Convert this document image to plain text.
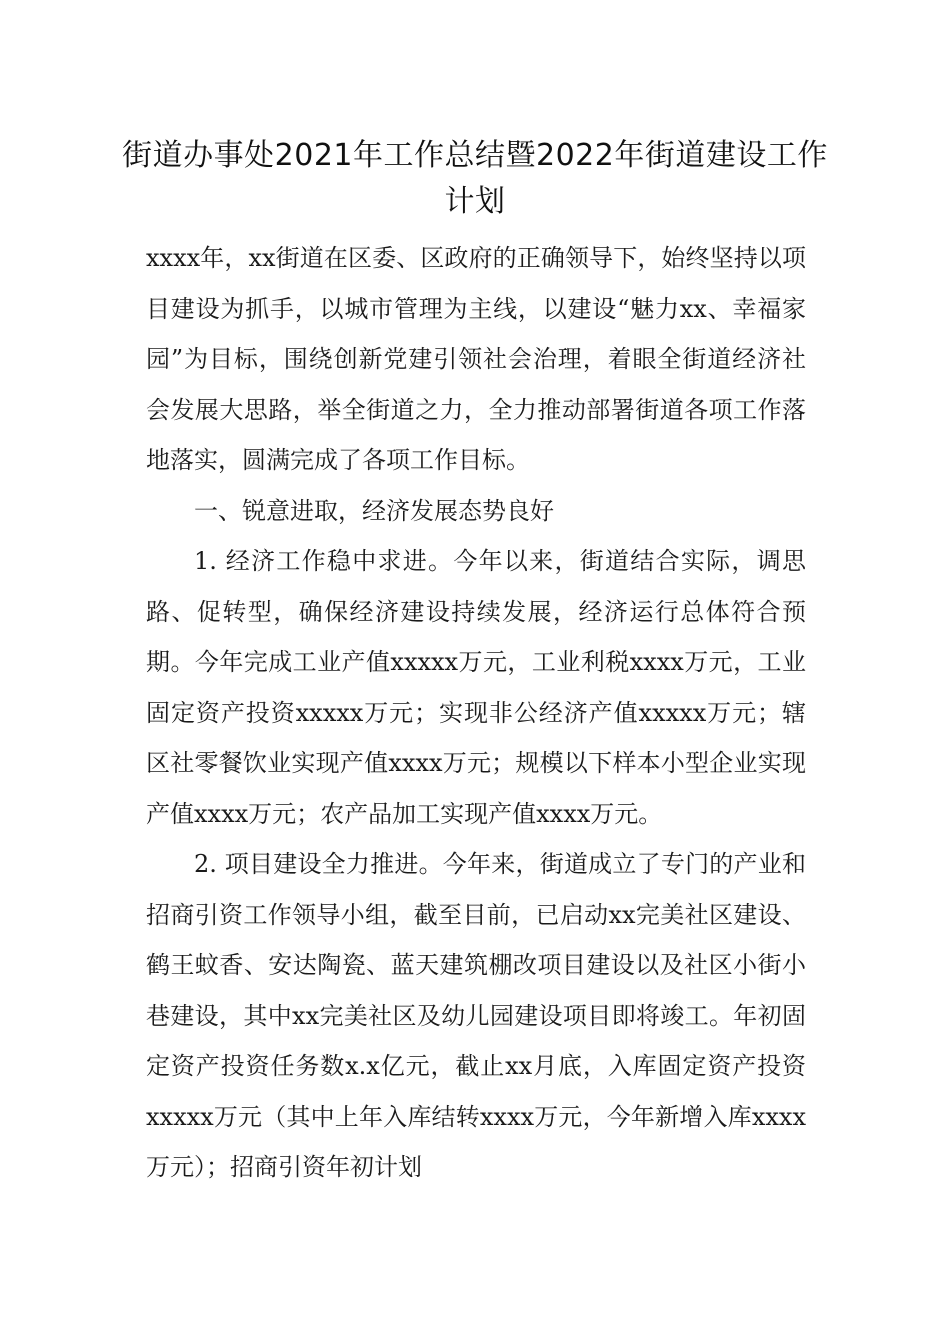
街道办事处2021年工作总结暨2022年街道建设工作计划

xxxx年，xx街道在区委、区政府的正确领导下，始终坚持以项目建设为抓手，以城市管理为主线，以建设“魅力xx、幸福家园”为目标，围绕创新党建引领社会治理，着眼全街道经济社会发展大思路，举全街道之力，全力推动部署街道各项工作落地落实，圆满完成了各项工作目标。

一、锐意进取，经济发展态势良好

1. 经济工作稳中求进。今年以来，街道结合实际，调思路、促转型，确保经济建设持续发展，经济运行总体符合预期。今年完成工业产值xxxxx万元，工业利税xxxx万元，工业固定资产投资xxxxx万元；实现非公经济产值xxxxx万元；辖区社零餐饮业实现产值xxxx万元；规模以下样本小型企业实现产值xxxx万元；农产品加工实现产值xxxx万元。

2. 项目建设全力推进。今年来，街道成立了专门的产业和招商引资工作领导小组，截至目前，已启动xx完美社区建设、鹤王蚊香、安达陶瓷、蓝天建筑棚改项目建设以及社区小街小巷建设，其中xx完美社区及幼儿园建设项目即将竣工。年初固定资产投资任务数x.x亿元，截止xx月底，入库固定资产投资xxxxx万元（其中上年入库结转xxxx万元，今年新增入库xxxx万元）；招商引资年初计划
